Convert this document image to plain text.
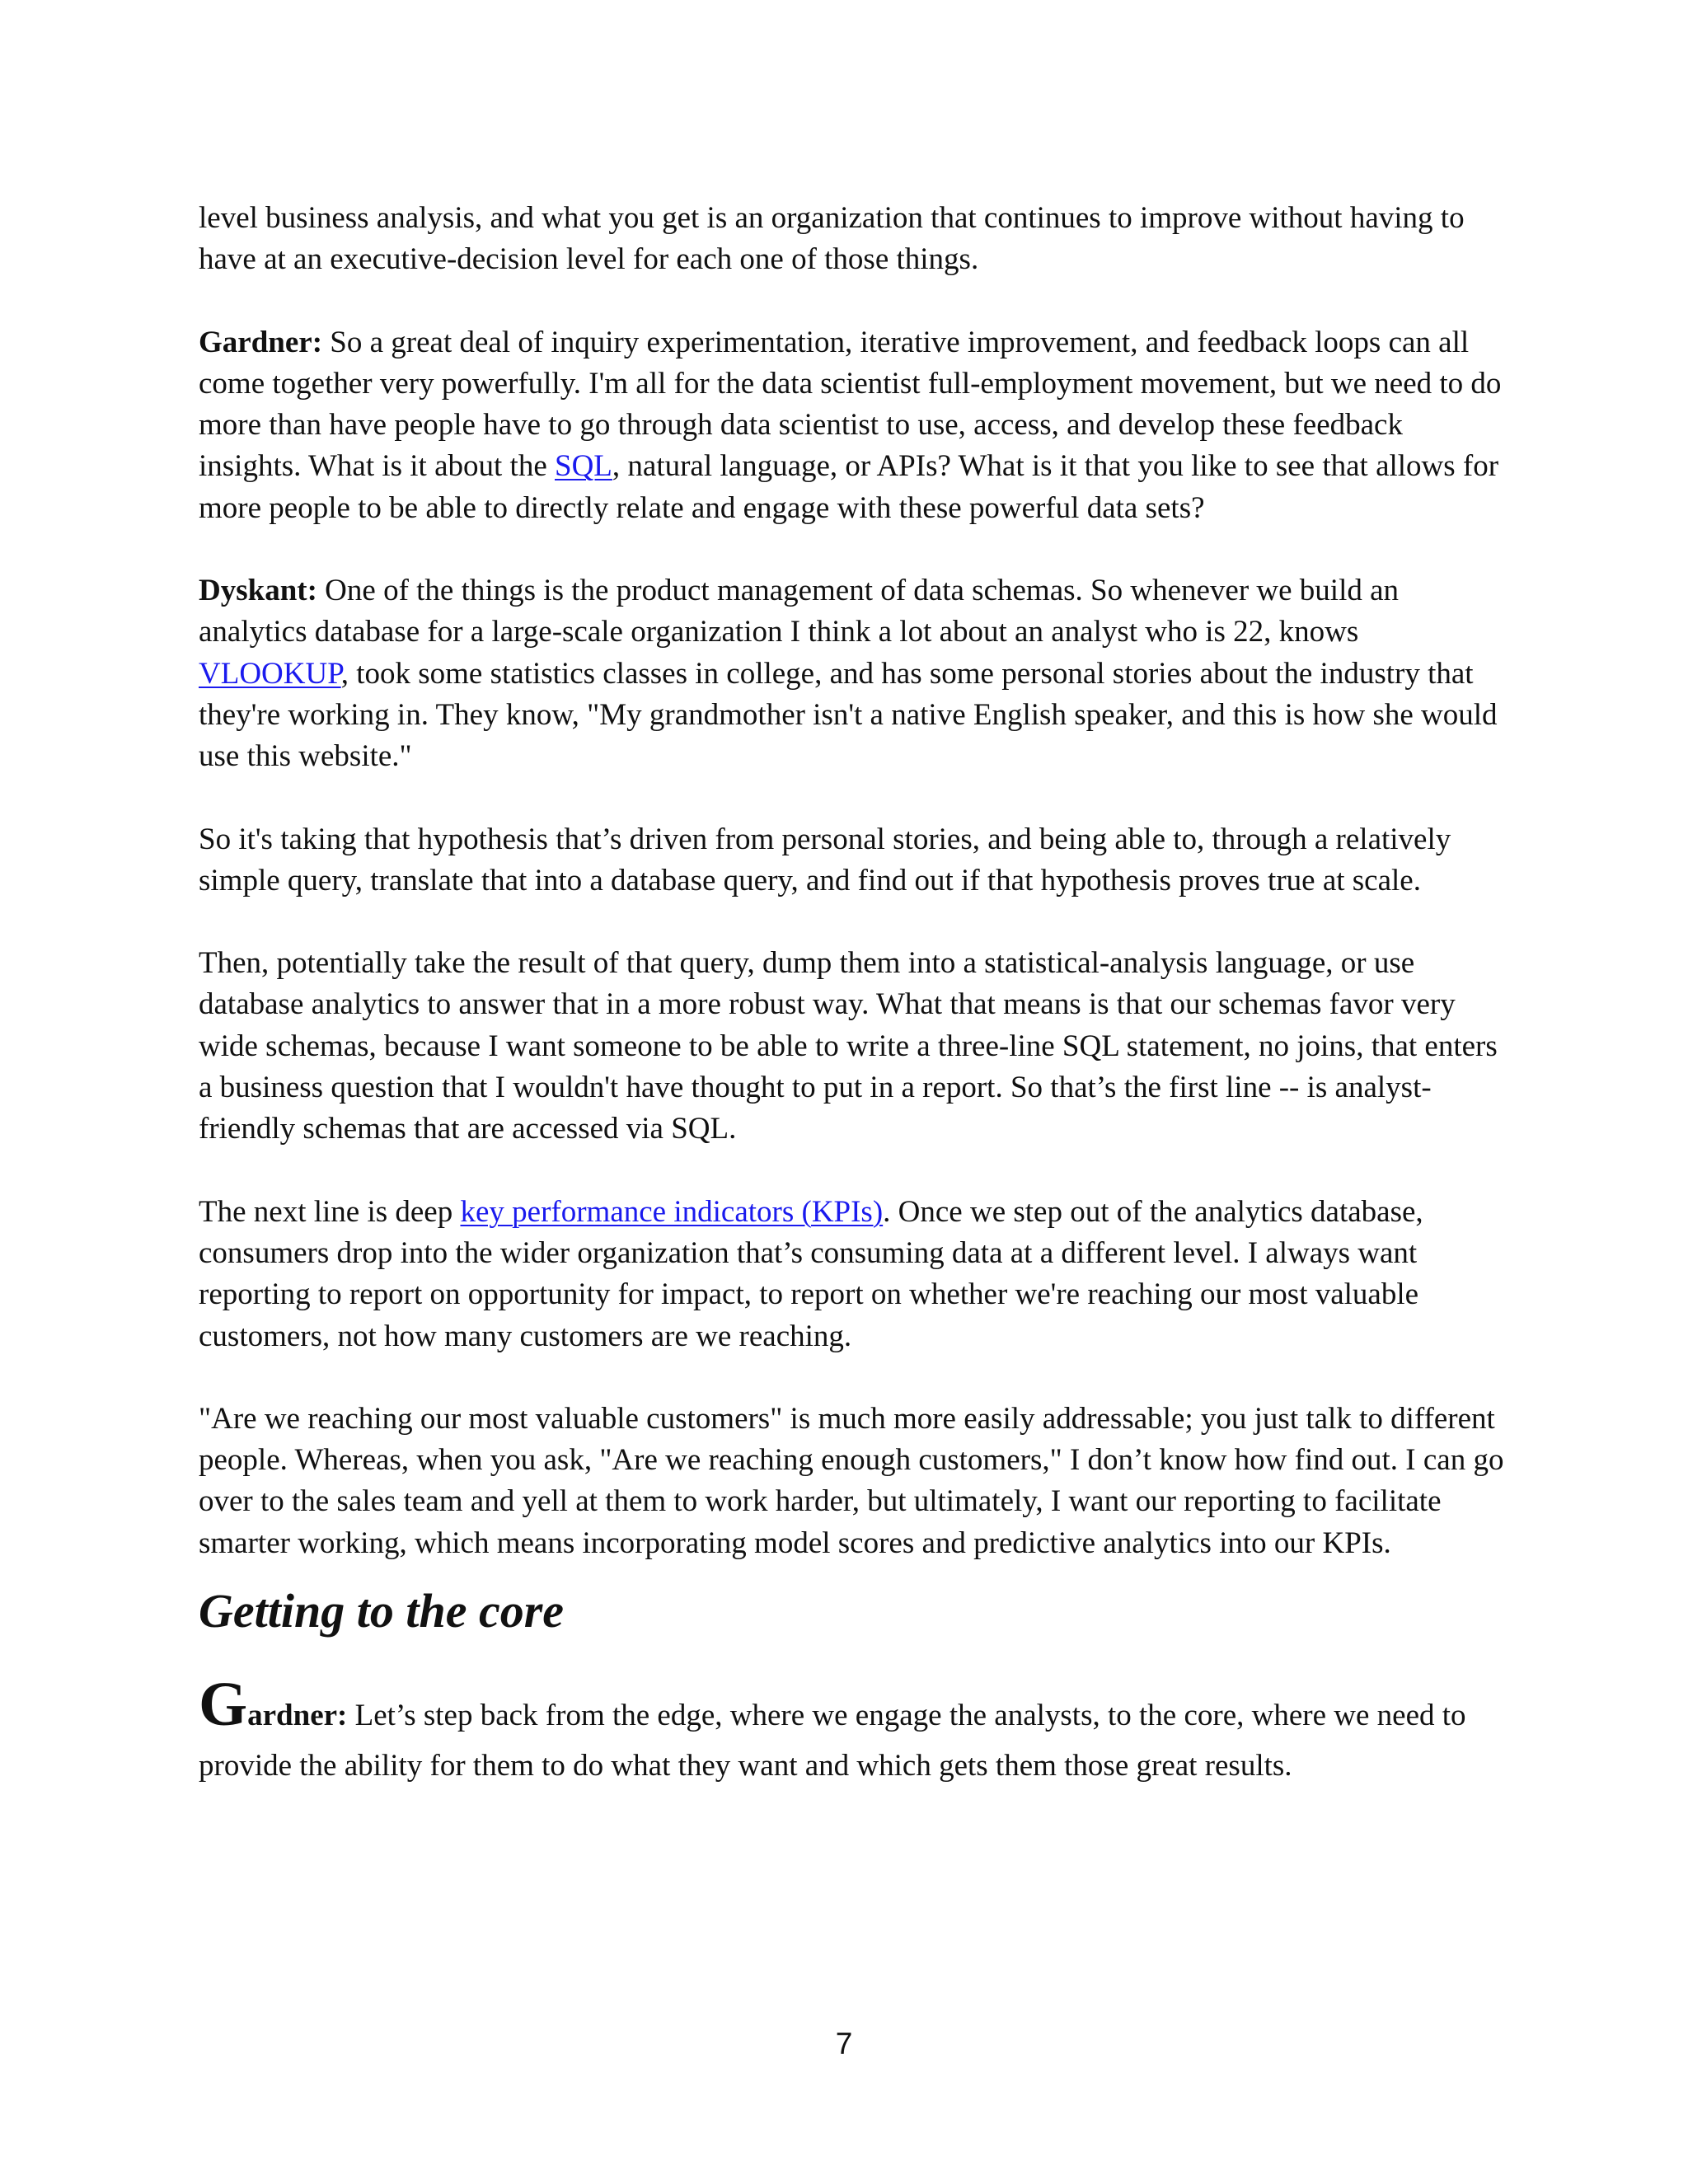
level business analysis, and what you get is an organization that continues to improve without having to have at an executive-decision level for each one of those things.

Gardner: So a great deal of inquiry experimentation, iterative improvement, and feedback loops can all come together very powerfully. I'm all for the data scientist full-employment movement, but we need to do more than have people have to go through data scientist to use, access, and develop these feedback insights. What is it about the SQL, natural language, or APIs? What is it that you like to see that allows for more people to be able to directly relate and engage with these powerful data sets?

Dyskant: One of the things is the product management of data schemas. So whenever we build an analytics database for a large-scale organization I think a lot about an analyst who is 22, knows VLOOKUP, took some statistics classes in college, and has some personal stories about the industry that they're working in. They know, "My grandmother isn't a native English speaker, and this is how she would use this website."

So it's taking that hypothesis that’s driven from personal stories, and being able to, through a relatively simple query, translate that into a database query, and find out if that hypothesis proves true at scale.

Then, potentially take the result of that query, dump them into a statistical-analysis language, or use database analytics to answer that in a more robust way. What that means is that our schemas favor very wide schemas, because I want someone to be able to write a three-line SQL statement, no joins, that enters a business question that I wouldn't have thought to put in a report. So that’s the first line -- is analyst-friendly schemas that are accessed via SQL.

The next line is deep key performance indicators (KPIs). Once we step out of the analytics database, consumers drop into the wider organization that’s consuming data at a different level. I always want reporting to report on opportunity for impact, to report on whether we're reaching our most valuable customers, not how many customers are we reaching.

"Are we reaching our most valuable customers" is much more easily addressable; you just talk to different people. Whereas, when you ask, "Are we reaching enough customers," I don’t know how find out. I can go over to the sales team and yell at them to work harder, but ultimately, I want our reporting to facilitate smarter working, which means incorporating model scores and predictive analytics into our KPIs.

Getting to the core

Gardner: Let’s step back from the edge, where we engage the analysts, to the core, where we need to provide the ability for them to do what they want and which gets them those great results.

7
